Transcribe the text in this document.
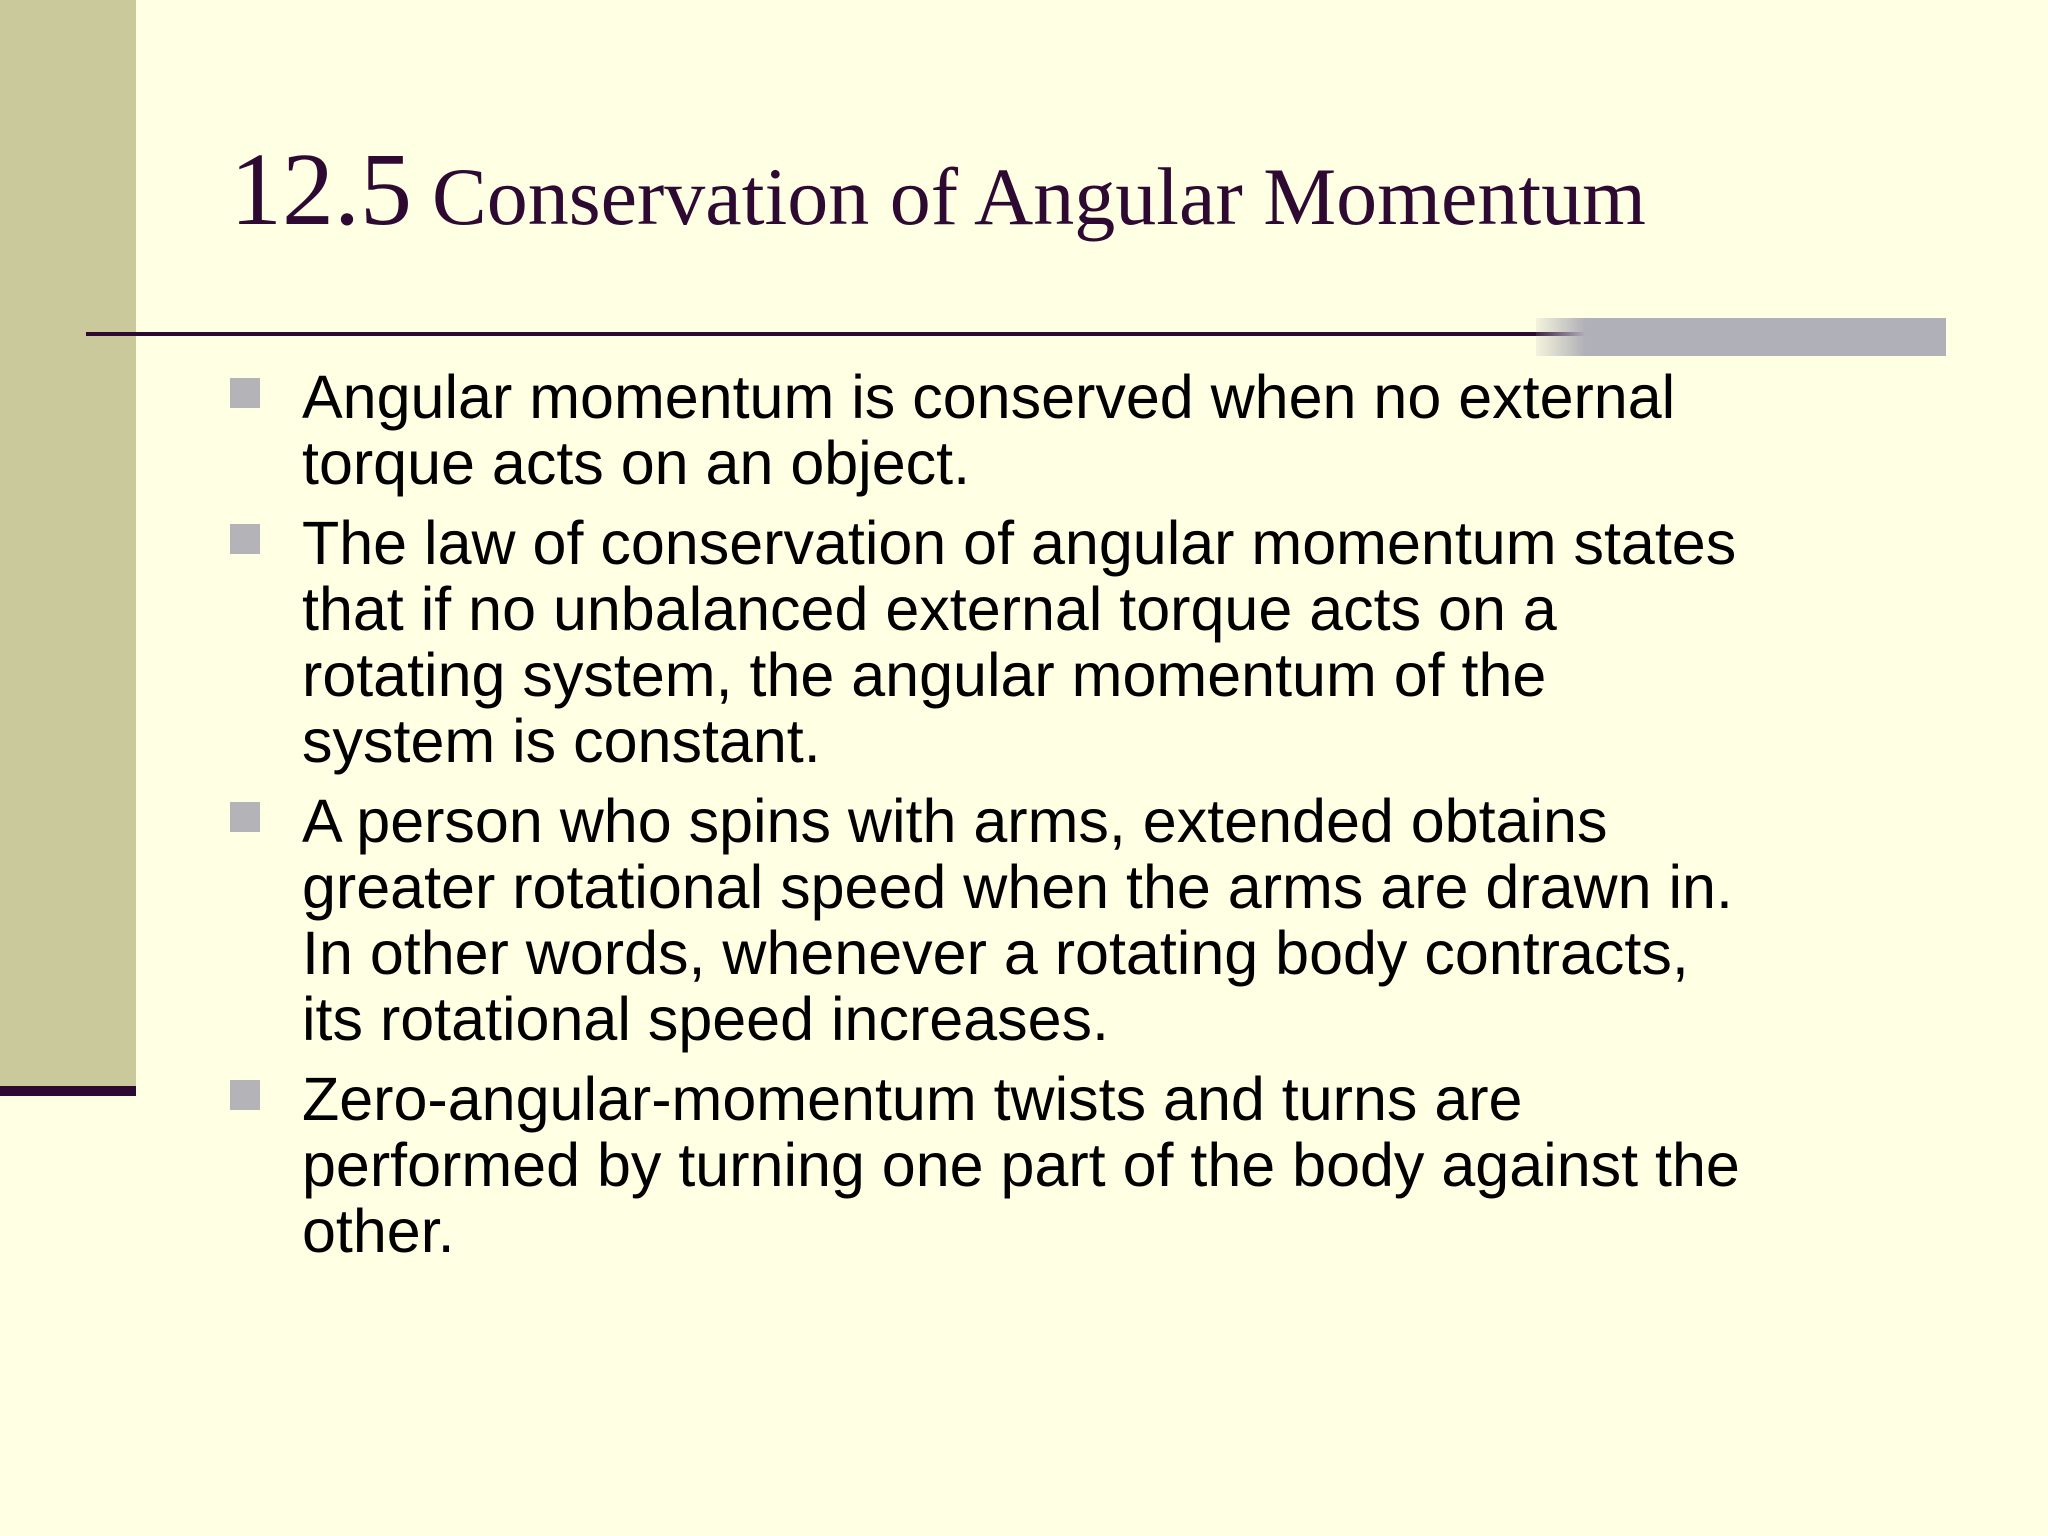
12.5 Conservation of Angular Momentum
Angular momentum is conserved when no external
torque acts on an object.
The law of conservation of angular momentum states
that if no unbalanced external torque acts on a
rotating system, the angular momentum of the
system is constant.
A person who spins with arms, extended obtains
greater rotational speed when the arms are drawn in.
In other words, whenever a rotating body contracts,
its rotational speed increases.
Zero-angular-momentum twists and turns are
performed by turning one part of the body against the
other.
